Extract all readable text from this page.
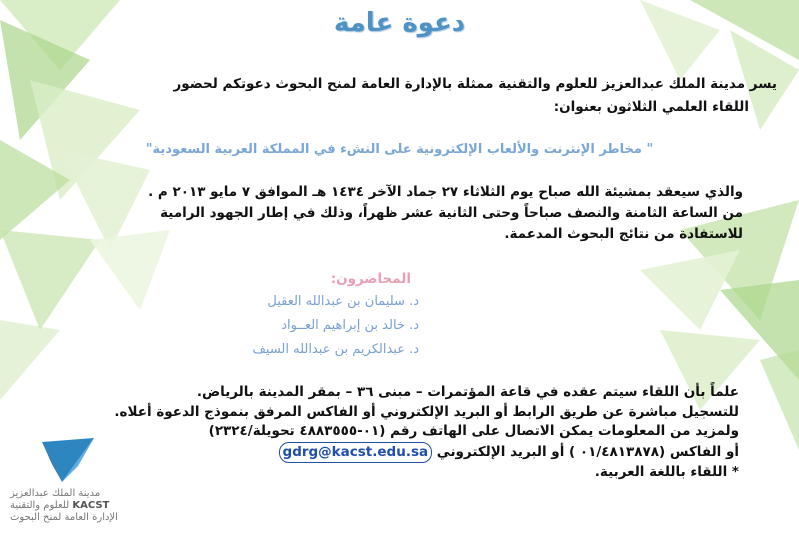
دعوة عامة
يسر مدينة الملك عبدالعزيز للعلوم والتقنية ممثلة بالإدارة العامة لمنح البحوث دعوتكم لحضور
اللقاء العلمي الثلاثون بعنوان:
" مخاطر الإنترنت والألعاب الإلكترونية على النشء في المملكة العربية السعودية"
والذي سيعقد بمشيئة الله صباح يوم الثلاثاء ٢٧ جماد الآخر ١٤٣٤ هـ الموافق ٧ مايو ٢٠١٣ م .
من الساعة الثامنة والنصف صباحاً وحتى الثانية عشر ظهراً، وذلك في إطار الجهود الرامية
للاستفادة من نتائج البحوث المدعمة.
المحاضرون:
د. سليمان بن عبدالله العقيل
د. خالد بن إبراهيم العــواد
د. عبدالكريم بن عبدالله السيف
علماً بأن اللقاء سيتم عقده في قاعة المؤتمرات – مبنى ٣٦ – بمقر المدينة بالرياض.
للتسجيل مباشرة عن طريق الرابط أو البريد الإلكتروني أو الفاكس المرفق بنموذج الدعوة أعلاه.
ولمزيد من المعلومات يمكن الاتصال على الهاتف رقم (٠١-٤٨٨٣٥٥٥ تحويلة/٢٣٢٤)
أو الفاكس (٠١/٤٨١٣٨٧٨ ) أو البريد الإلكتروني gdrg@kacst.edu.sa
* اللقاء باللغة العربية.
مدينة الملك عبدالعزيز
KACST للعلوم والتقنية
الإدارة العامة لمنح البحوث
